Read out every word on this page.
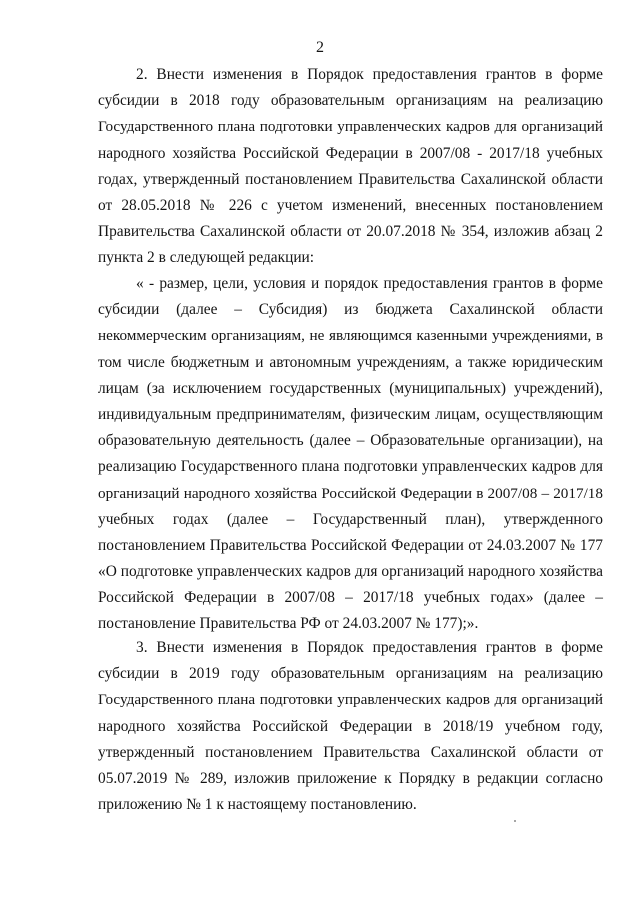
2
2. Внести изменения в Порядок предоставления грантов в форме
субсидии в 2018 году образовательным организациям на реализацию
Государственного плана подготовки управленческих кадров для организаций
народного хозяйства Российской Федерации в 2007/08 - 2017/18 учебных
годах, утвержденный постановлением Правительства Сахалинской области
от 28.05.2018 № 226 с учетом изменений, внесенных постановлением
Правительства Сахалинской области от 20.07.2018 № 354, изложив абзац 2
пункта 2 в следующей редакции:
« - размер, цели, условия и порядок предоставления грантов в форме
субсидии (далее – Субсидия) из бюджета Сахалинской области
некоммерческим организациям, не являющимся казенными учреждениями, в
том числе бюджетным и автономным учреждениям, а также юридическим
лицам (за исключением государственных (муниципальных) учреждений),
индивидуальным предпринимателям, физическим лицам, осуществляющим
образовательную деятельность (далее – Образовательные организации), на
реализацию Государственного плана подготовки управленческих кадров для
организаций народного хозяйства Российской Федерации в 2007/08 – 2017/18
учебных годах (далее – Государственный план), утвержденного
постановлением Правительства Российской Федерации от 24.03.2007 № 177
«О подготовке управленческих кадров для организаций народного хозяйства
Российской Федерации в 2007/08 – 2017/18 учебных годах» (далее –
постановление Правительства РФ от 24.03.2007 № 177);».
3. Внести изменения в Порядок предоставления грантов в форме
субсидии в 2019 году образовательным организациям на реализацию
Государственного плана подготовки управленческих кадров для организаций
народного хозяйства Российской Федерации в 2018/19 учебном году,
утвержденный постановлением Правительства Сахалинской области от
05.07.2019 № 289, изложив приложение к Порядку в редакции согласно
приложению № 1 к настоящему постановлению.
